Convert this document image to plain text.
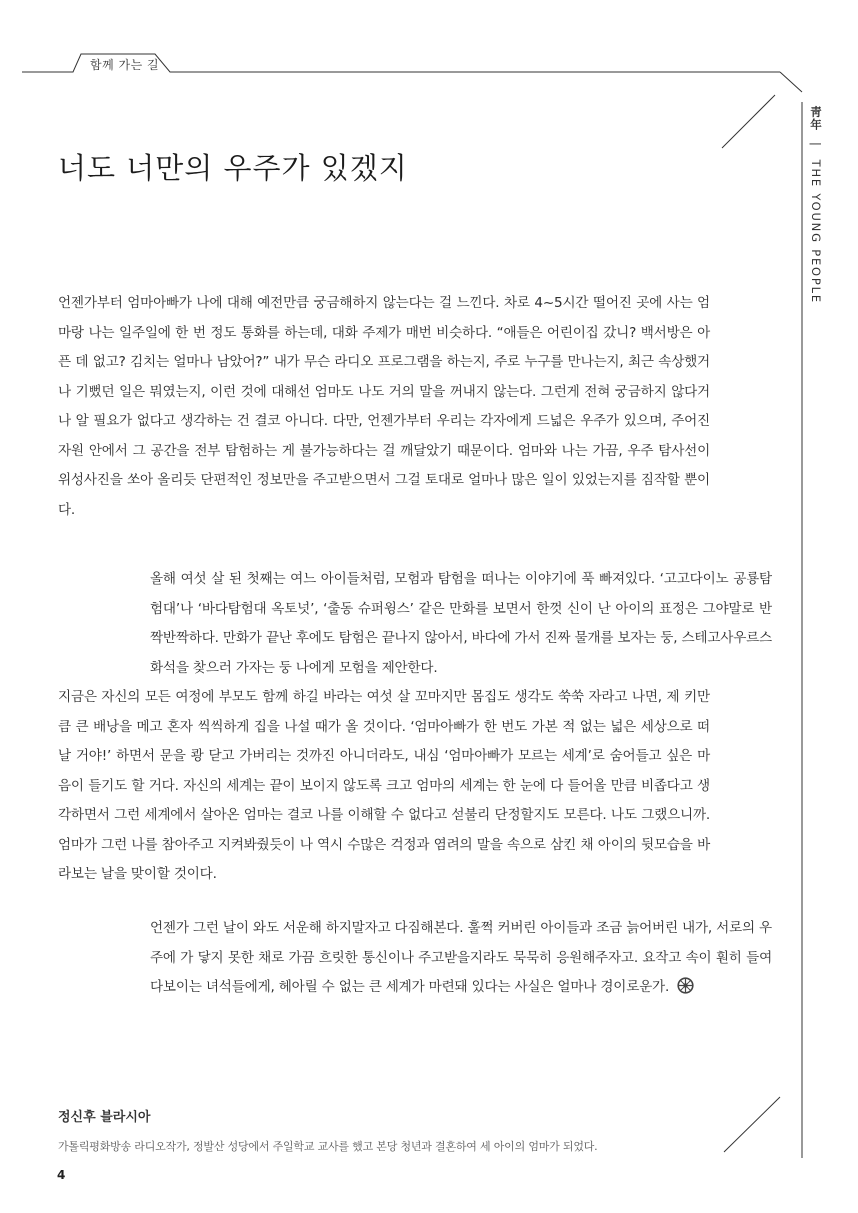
함께 가는 길
靑年 | THE YOUNG PEOPLE
너도 너만의 우주가 있겠지

언젠가부터 엄마아빠가 나에 대해 예전만큼 궁금해하지 않는다는 걸 느낀다. 차로 4~5시간 떨어진 곳에 사는 엄마랑 나는 일주일에 한 번 정도 통화를 하는데, 대화 주제가 매번 비슷하다. “애들은 어린이집 갔니? 백서방은 아픈 데 없고? 김치는 얼마나 남았어?” 내가 무슨 라디오 프로그램을 하는지, 주로 누구를 만나는지, 최근 속상했거나 기뻤던 일은 뭐였는지, 이런 것에 대해선 엄마도 나도 거의 말을 꺼내지 않는다. 그런게 전혀 궁금하지 않다거나 알 필요가 없다고 생각하는 건 결코 아니다. 다만, 언젠가부터 우리는 각자에게 드넓은 우주가 있으며, 주어진 자원 안에서 그 공간을 전부 탐험하는 게 불가능하다는 걸 깨달았기 때문이다. 엄마와 나는 가끔, 우주 탐사선이 위성사진을 쏘아 올리듯 단편적인 정보만을 주고받으면서 그걸 토대로 얼마나 많은 일이 있었는지를 짐작할 뿐이다.

올해 여섯 살 된 첫째는 여느 아이들처럼, 모험과 탐험을 떠나는 이야기에 푹 빠져있다. ‘고고다이노 공룡탐험대’나 ‘바다탐험대 옥토넛’, ‘출동 슈퍼윙스’ 같은 만화를 보면서 한껏 신이 난 아이의 표정은 그야말로 반짝반짝하다. 만화가 끝난 후에도 탐험은 끝나지 않아서, 바다에 가서 진짜 물개를 보자는 둥, 스테고사우르스 화석을 찾으러 가자는 둥 나에게 모험을 제안한다.

지금은 자신의 모든 여정에 부모도 함께 하길 바라는 여섯 살 꼬마지만 몸집도 생각도 쑥쑥 자라고 나면, 제 키만큼 큰 배낭을 메고 혼자 씩씩하게 집을 나설 때가 올 것이다. ‘엄마아빠가 한 번도 가본 적 없는 넓은 세상으로 떠날 거야!’ 하면서 문을 쾅 닫고 가버리는 것까진 아니더라도, 내심 ‘엄마아빠가 모르는 세계’로 숨어들고 싶은 마음이 들기도 할 거다. 자신의 세계는 끝이 보이지 않도록 크고 엄마의 세계는 한 눈에 다 들어올 만큼 비좁다고 생각하면서 그런 세계에서 살아온 엄마는 결코 나를 이해할 수 없다고 섣불리 단정할지도 모른다. 나도 그랬으니까. 엄마가 그런 나를 참아주고 지켜봐줬듯이 나 역시 수많은 걱정과 염려의 말을 속으로 삼킨 채 아이의 뒷모습을 바라보는 날을 맞이할 것이다.

언젠가 그런 날이 와도 서운해 하지말자고 다짐해본다. 훌쩍 커버린 아이들과 조금 늙어버린 내가, 서로의 우주에 가 닿지 못한 채로 가끔 흐릿한 통신이나 주고받을지라도 묵묵히 응원해주자고. 요작고 속이 훤히 들여다보이는 녀석들에게, 헤아릴 수 없는 큰 세계가 마련돼 있다는 사실은 얼마나 경이로운가.

정신후 블라시아

가톨릭평화방송 라디오작가, 정발산 성당에서 주일학교 교사를 했고 본당 청년과 결혼하여 세 아이의 엄마가 되었다.

4
